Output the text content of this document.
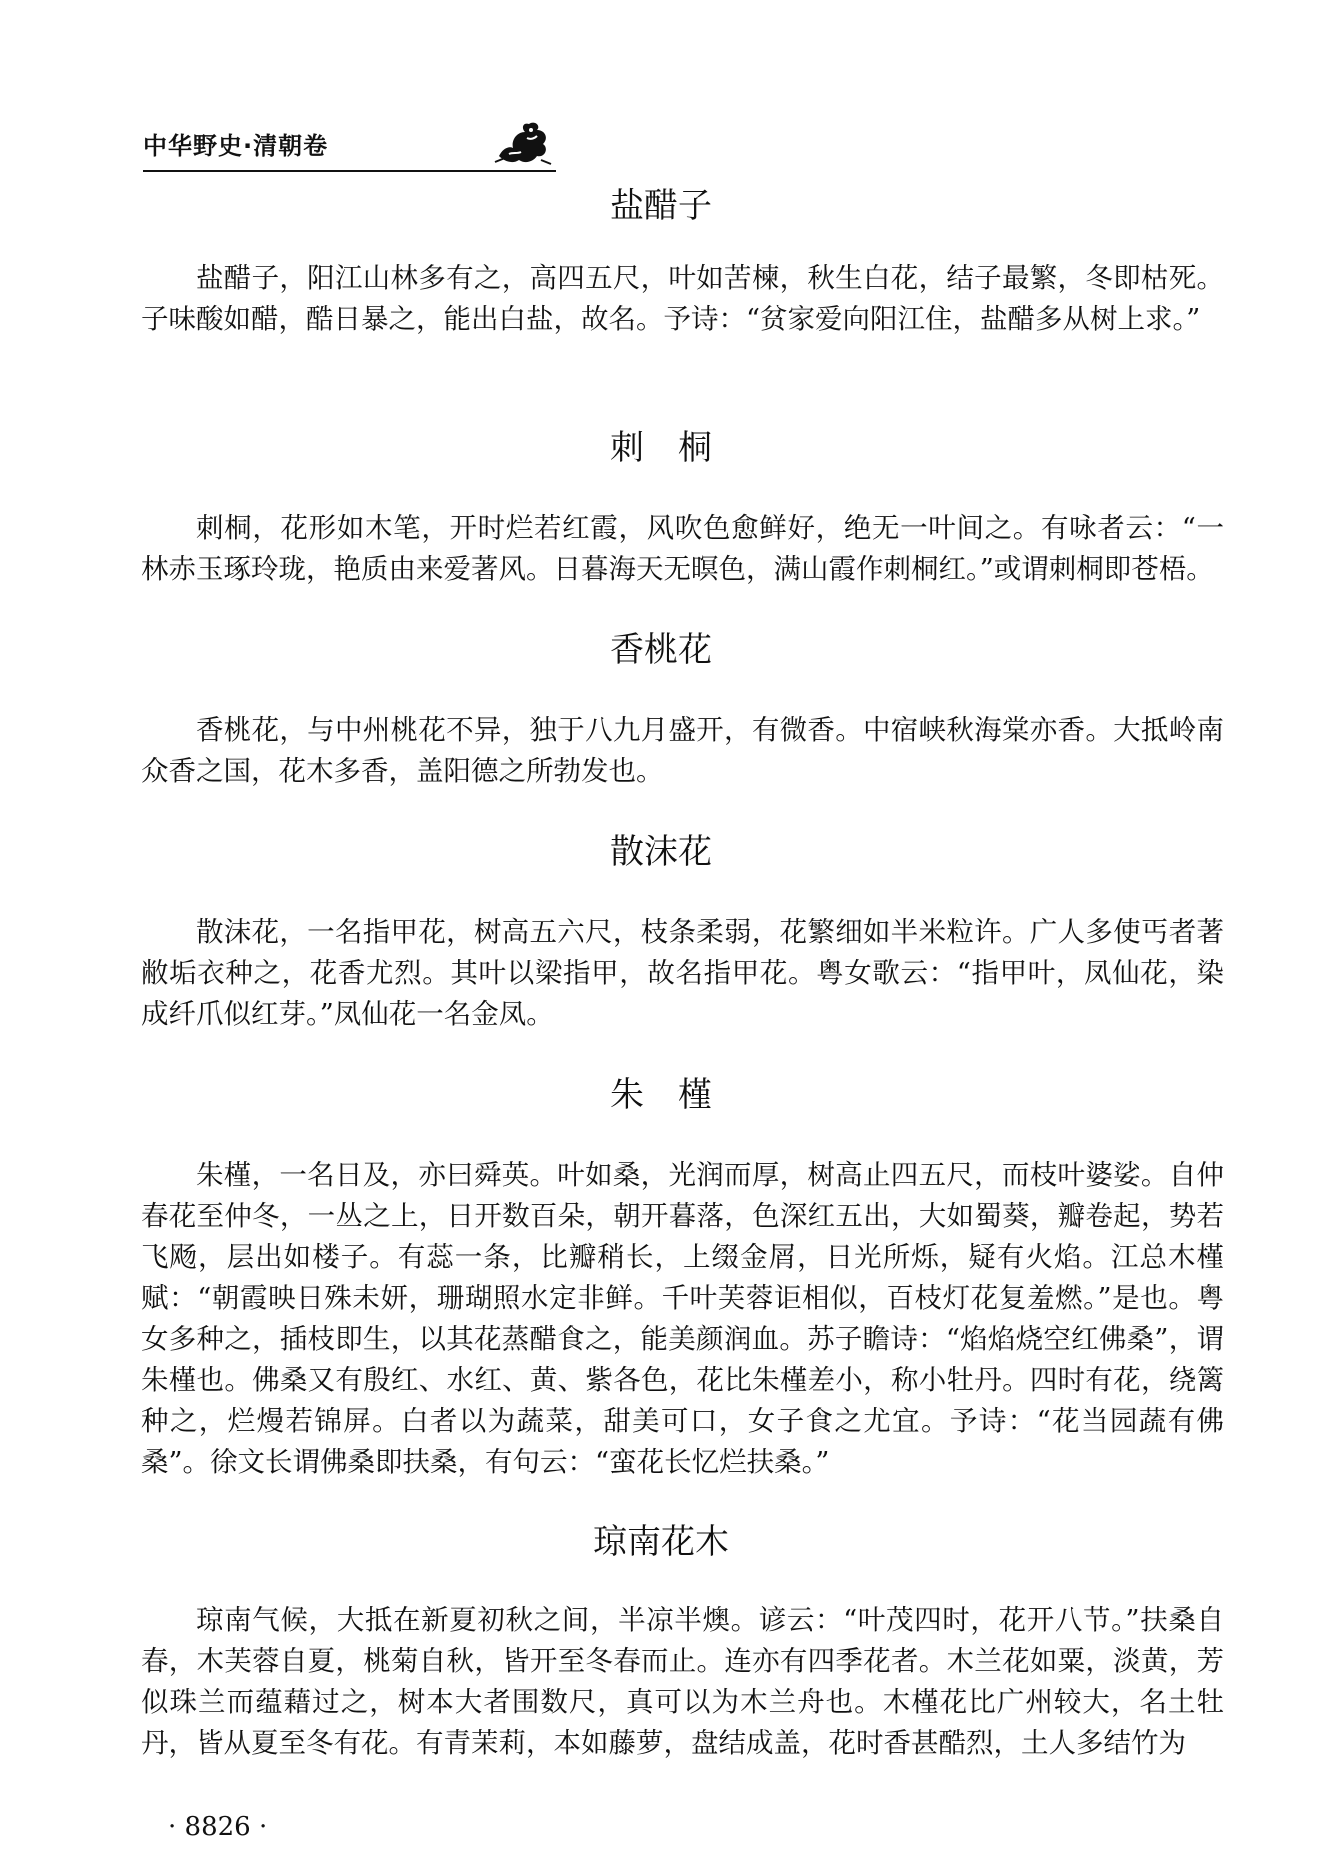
中华野史·清朝卷
盐醋子

盐醋子，阳江山林多有之，高四五尺，叶如苦楝，秋生白花，结子最繁，冬即枯死。子味酸如醋，酷日暴之，能出白盐，故名。予诗：“贫家爱向阳江住，盐醋多从树上求。”

刺　桐

刺桐，花形如木笔，开时烂若红霞，风吹色愈鲜好，绝无一叶间之。有咏者云：“一林赤玉琢玲珑，艳质由来爱著风。日暮海天无暝色，满山霞作刺桐红。”或谓刺桐即苍梧。

香桃花

香桃花，与中州桃花不异，独于八九月盛开，有微香。中宿峡秋海棠亦香。大抵岭南众香之国，花木多香，盖阳德之所勃发也。

散沫花

散沫花，一名指甲花，树高五六尺，枝条柔弱，花繁细如半米粒许。广人多使丐者著敝垢衣种之，花香尤烈。其叶以梁指甲，故名指甲花。粤女歌云：“指甲叶，凤仙花，染成纤爪似红芽。”凤仙花一名金凤。

朱　槿

朱槿，一名日及，亦曰舜英。叶如桑，光润而厚，树高止四五尺，而枝叶婆娑。自仲春花至仲冬，一丛之上，日开数百朵，朝开暮落，色深红五出，大如蜀葵，瓣卷起，势若飞飏，层出如楼子。有蕊一条，比瓣稍长，上缀金屑，日光所烁，疑有火焰。江总木槿赋：“朝霞映日殊未妍，珊瑚照水定非鲜。千叶芙蓉讵相似，百枝灯花复羞燃。”是也。粤女多种之，插枝即生，以其花蒸醋食之，能美颜润血。苏子瞻诗：“焰焰烧空红佛桑”，谓朱槿也。佛桑又有殷红、水红、黄、紫各色，花比朱槿差小，称小牡丹。四时有花，绕篱种之，烂熳若锦屏。白者以为蔬菜，甜美可口，女子食之尤宜。予诗：“花当园蔬有佛桑”。徐文长谓佛桑即扶桑，有句云：“蛮花长忆烂扶桑。”

琼南花木

琼南气候，大抵在新夏初秋之间，半凉半燠。谚云：“叶茂四时，花开八节。”扶桑自春，木芙蓉自夏，桃菊自秋，皆开至冬春而止。连亦有四季花者。木兰花如粟，淡黄，芳似珠兰而蕴藉过之，树本大者围数尺，真可以为木兰舟也。木槿花比广州较大，名土牡丹，皆从夏至冬有花。有青茉莉，本如藤萝，盘结成盖，花时香甚酷烈，土人多结竹为

· 8826 ·
